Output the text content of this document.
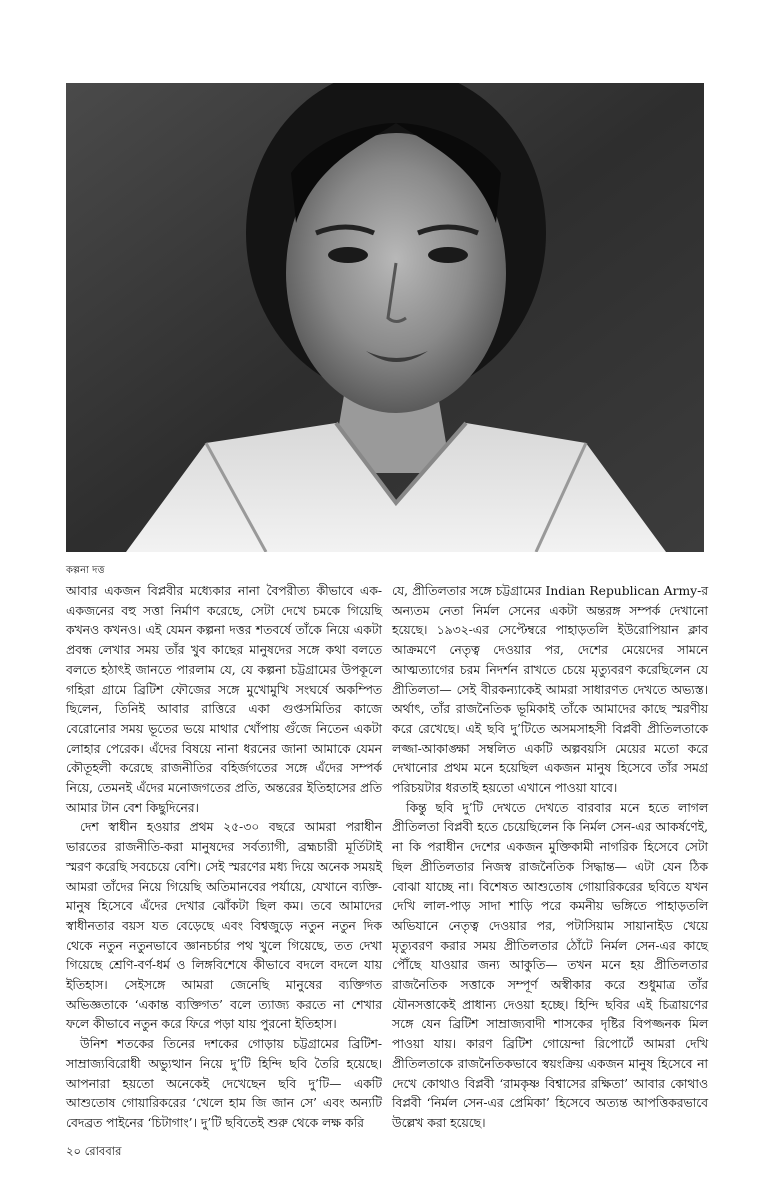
কল্পনা দত্ত

আবার একজন বিপ্লবীর মধ্যেকার নানা বৈপরীত্য কীভাবে এক-একজনের বহু সত্তা নির্মাণ করেছে, সেটা দেখে চমকে গিয়েছি কখনও কখনও। এই যেমন কল্পনা দত্তর শতবর্ষে তাঁকে নিয়ে একটা প্রবন্ধ লেখার সময় তাঁর খুব কাছের মানুষদের সঙ্গে কথা বলতে বলতে হঠাৎই জানতে পারলাম যে, যে কল্পনা চট্টগ্রামের উপকূলে গহিরা গ্রামে ব্রিটিশ ফৌজের সঙ্গে মুখোমুখি সংঘর্ষে অকম্পিত ছিলেন, তিনিই আবার রাত্তিরে একা গুপ্তসমিতির কাজে বেরোনোর সময় ভূতের ভয়ে মাথার খোঁপায় গুঁজে নিতেন একটা লোহার পেরেক। এঁদের বিষয়ে নানা ধরনের জানা আমাকে যেমন কৌতূহলী করেছে রাজনীতির বহির্জগতের সঙ্গে এঁদের সম্পর্ক নিয়ে, তেমনই এঁদের মনোজগতের প্রতি, অন্তরের ইতিহাসের প্রতি আমার টান বেশ কিছুদিনের।

দেশ স্বাধীন হওয়ার প্রথম ২৫-৩০ বছরে আমরা পরাধীন ভারতের রাজনীতি-করা মানুষদের সর্বত্যাগী, ব্রহ্মচারী মূর্তিটাই স্মরণ করেছি সবচেয়ে বেশি। সেই স্মরণের মধ্য দিয়ে অনেক সময়ই আমরা তাঁদের নিয়ে গিয়েছি অতিমানবের পর্যায়ে, যেখানে ব্যক্তি-মানুষ হিসেবে এঁদের দেখার ঝোঁকটা ছিল কম। তবে আমাদের স্বাধীনতার বয়স যত বেড়েছে এবং বিশ্বজুড়ে নতুন নতুন দিক থেকে নতুন নতুনভাবে জ্ঞানচর্চার পথ খুলে গিয়েছে, তত দেখা গিয়েছে শ্রেণি-বর্ণ-ধর্ম ও লিঙ্গবিশেষে কীভাবে বদলে বদলে যায় ইতিহাস। সেইসঙ্গে আমরা জেনেছি মানুষের ব্যক্তিগত অভিজ্ঞতাকে ‘একান্ত ব্যক্তিগত’ বলে ত্যাজ্য করতে না শেখার ফলে কীভাবে নতুন করে ফিরে পড়া যায় পুরনো ইতিহাস।

উনিশ শতকের তিনের দশকের গোড়ায় চট্টগ্রামের ব্রিটিশ-সাম্রাজ্যবিরোধী অভ্যুত্থান নিয়ে দু’টি হিন্দি ছবি তৈরি হয়েছে। আপনারা হয়তো অনেকেই দেখেছেন ছবি দু’টি— একটি আশুতোষ গোয়ারিকরের ‘খেলে হাম জি জান সে’ এবং অন্যটি বেদব্রত পাইনের ‘চিটাগাং’। দু’টি ছবিতেই শুরু থেকে লক্ষ করি

যে, প্রীতিলতার সঙ্গে চট্টগ্রামের Indian Republican Army-র অন্যতম নেতা নির্মল সেনের একটা অন্তরঙ্গ সম্পর্ক দেখানো হয়েছে। ১৯৩২-এর সেপ্টেম্বরে পাহাড়তলি ইউরোপিয়ান ক্লাব আক্রমণে নেতৃত্ব দেওয়ার পর, দেশের মেয়েদের সামনে আত্মত্যাগের চরম নিদর্শন রাখতে চেয়ে মৃত্যুবরণ করেছিলেন যে প্রীতিলতা— সেই বীরকন্যাকেই আমরা সাধারণত দেখতে অভ্যস্ত। অর্থাৎ, তাঁর রাজনৈতিক ভূমিকাই তাঁকে আমাদের কাছে স্মরণীয় করে রেখেছে। এই ছবি দু’টিতে অসমসাহসী বিপ্লবী প্রীতিলতাকে লজ্জা-আকাঙ্ক্ষা সম্বলিত একটি অল্পবয়সি মেয়ের মতো করে দেখানোর প্রথম মনে হয়েছিল একজন মানুষ হিসেবে তাঁর সমগ্র পরিচয়টার ধরতাই হয়তো এখানে পাওয়া যাবে।

কিন্তু ছবি দু’টি দেখতে দেখতে বারবার মনে হতে লাগল প্রীতিলতা বিপ্লবী হতে চেয়েছিলেন কি নির্মল সেন-এর আকর্ষণেই, না কি পরাধীন দেশের একজন মুক্তিকামী নাগরিক হিসেবে সেটা ছিল প্রীতিলতার নিজস্ব রাজনৈতিক সিদ্ধান্ত— এটা যেন ঠিক বোঝা যাচ্ছে না। বিশেষত আশুতোষ গোয়ারিকরের ছবিতে যখন দেখি লাল-পাড় সাদা শাড়ি পরে কমনীয় ভঙ্গিতে পাহাড়তলি অভিযানে নেতৃত্ব দেওয়ার পর, পটাসিয়াম সায়ানাইড খেয়ে মৃত্যুবরণ করার সময় প্রীতিলতার ঠোঁটে নির্মল সেন-এর কাছে পৌঁছে যাওয়ার জন্য আকুতি— তখন মনে হয় প্রীতিলতার রাজনৈতিক সত্তাকে সম্পূর্ণ অস্বীকার করে শুধুমাত্র তাঁর যৌনসত্তাকেই প্রাধান্য দেওয়া হচ্ছে। হিন্দি ছবির এই চিত্রায়ণের সঙ্গে যেন ব্রিটিশ সাম্রাজ্যবাদী শাসকের দৃষ্টির বিপজ্জনক মিল পাওয়া যায়। কারণ ব্রিটিশ গোয়েন্দা রিপোর্টে আমরা দেখি প্রীতিলতাকে রাজনৈতিকভাবে স্বয়ংক্রিয় একজন মানুষ হিসেবে না দেখে কোথাও বিপ্লবী ‘রামকৃষ্ণ বিশ্বাসের রক্ষিতা’ আবার কোথাও বিপ্লবী ‘নির্মল সেন-এর প্রেমিকা’ হিসেবে অত্যন্ত আপত্তিকরভাবে উল্লেখ করা হয়েছে।

২০ রোববার
